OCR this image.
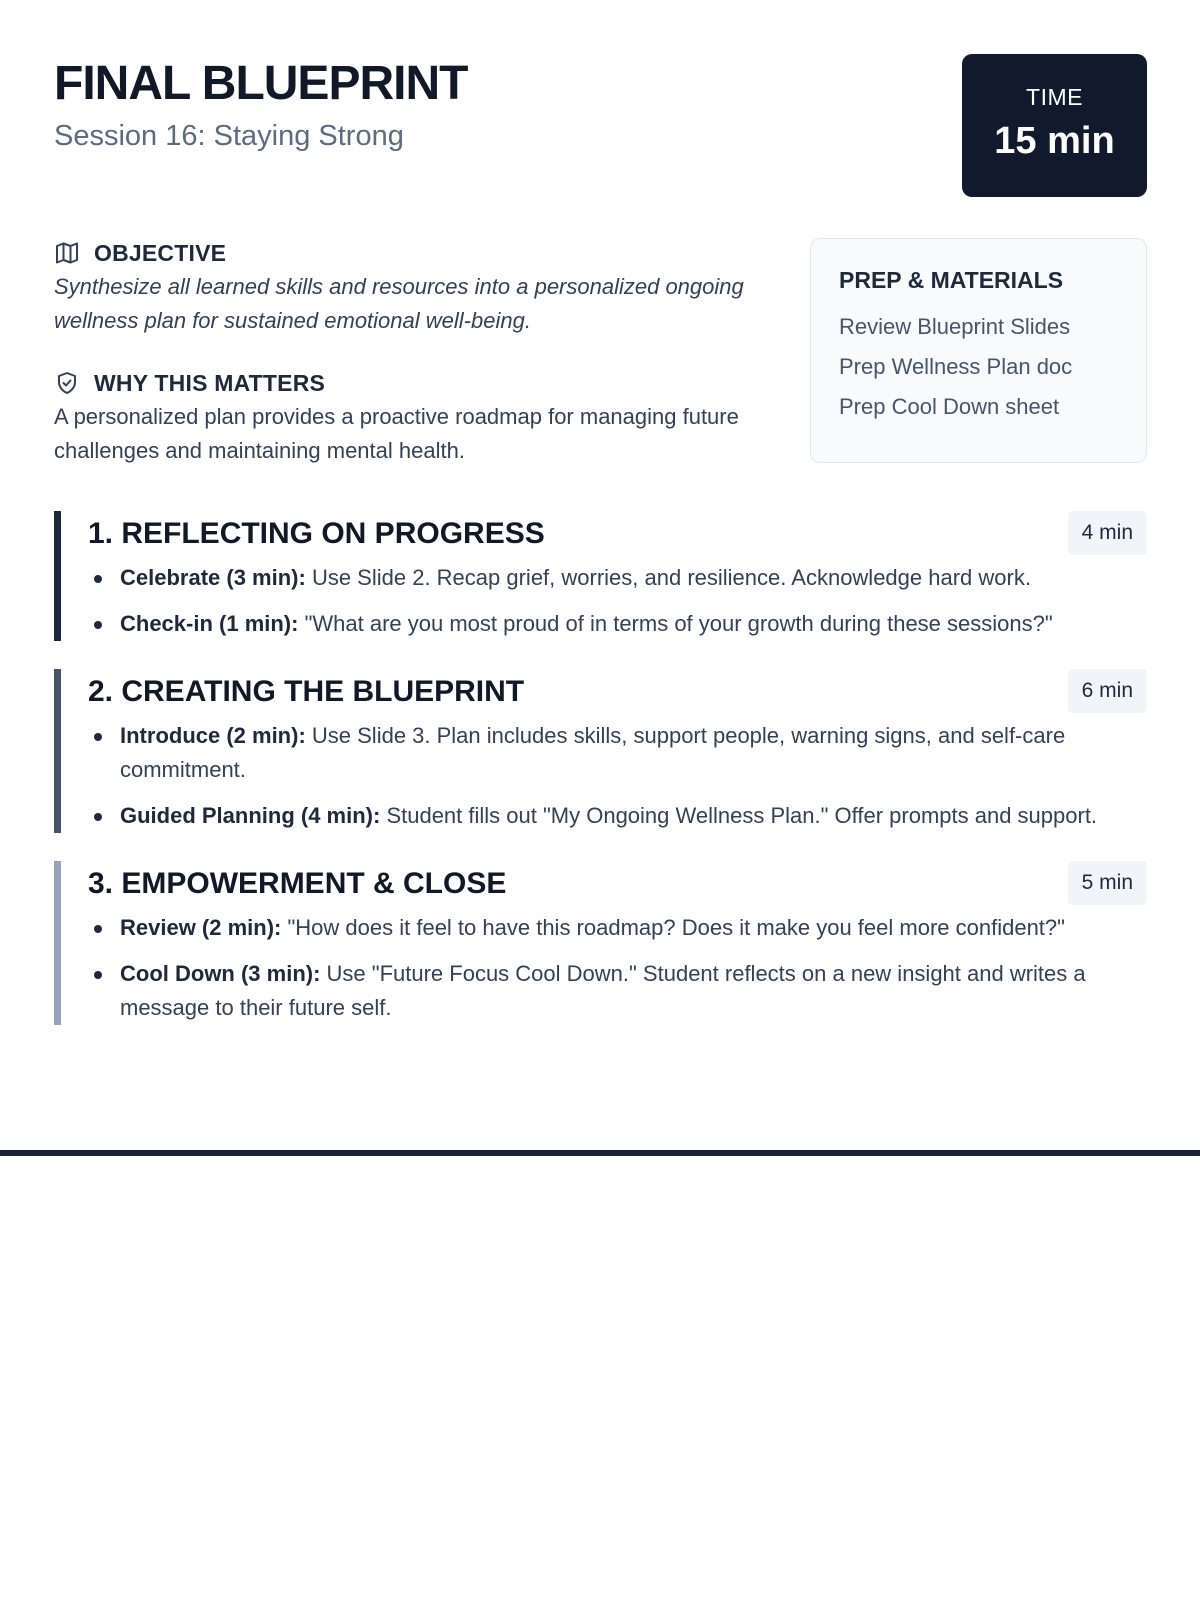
FINAL BLUEPRINT
Session 16: Staying Strong
TIME
15 min
OBJECTIVE
Synthesize all learned skills and resources into a personalized ongoing wellness plan for sustained emotional well-being.
WHY THIS MATTERS
A personalized plan provides a proactive roadmap for managing future challenges and maintaining mental health.
PREP & MATERIALS
Review Blueprint Slides
Prep Wellness Plan doc
Prep Cool Down sheet
1. REFLECTING ON PROGRESS	4 min
Celebrate (3 min): Use Slide 2. Recap grief, worries, and resilience. Acknowledge hard work.
Check-in (1 min): "What are you most proud of in terms of your growth during these sessions?"
2. CREATING THE BLUEPRINT	6 min
Introduce (2 min): Use Slide 3. Plan includes skills, support people, warning signs, and self-care commitment.
Guided Planning (4 min): Student fills out "My Ongoing Wellness Plan." Offer prompts and support.
3. EMPOWERMENT & CLOSE	5 min
Review (2 min): "How does it feel to have this roadmap? Does it make you feel more confident?"
Cool Down (3 min): Use "Future Focus Cool Down." Student reflects on a new insight and writes a message to their future self.
